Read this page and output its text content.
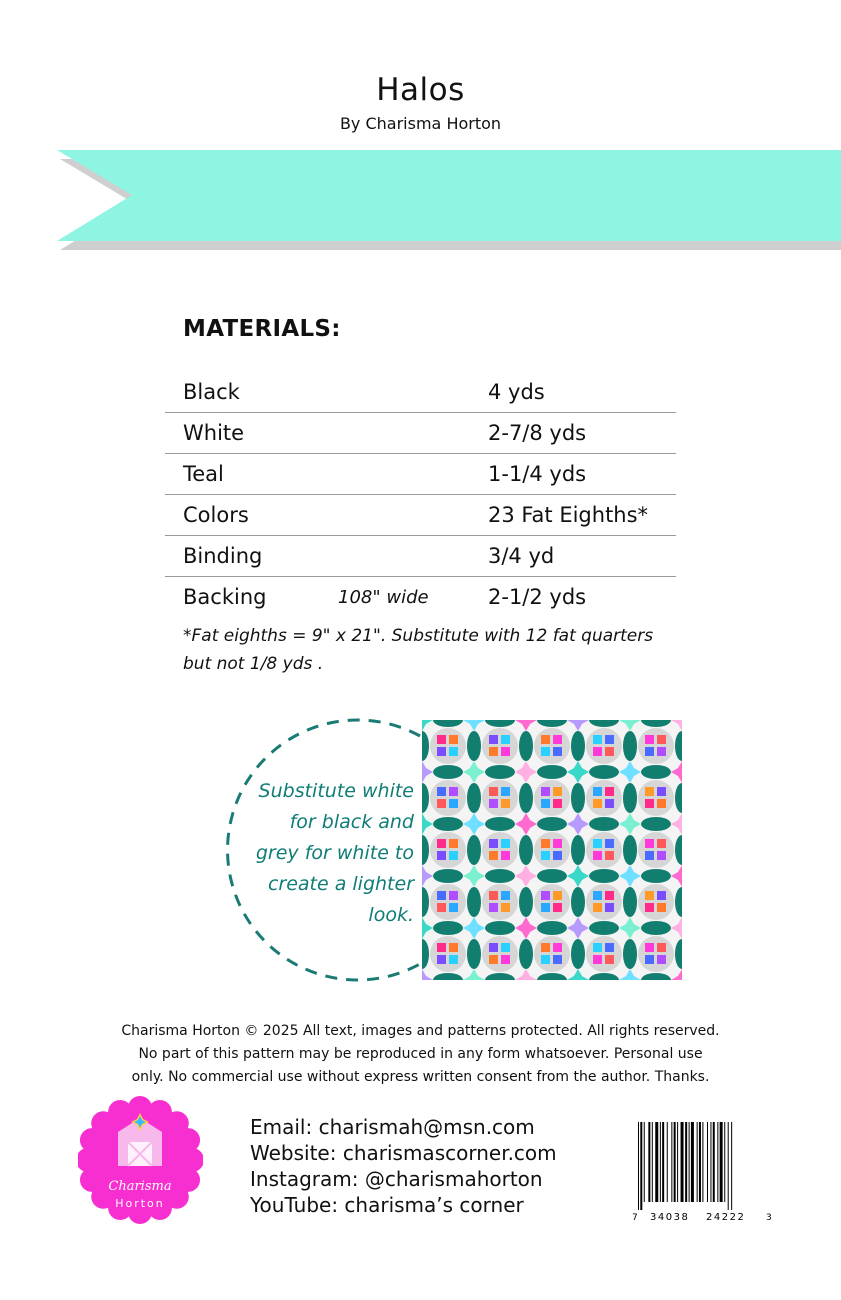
Halos
By Charisma Horton
MATERIALS:
Black		4 yds
White		2-7/8 yds
Teal		1-1/4 yds
Colors		23 Fat Eighths*
Binding		3/4 yd
Backing	108" wide	2-1/2 yds
*Fat eighths = 9" x 21". Substitute with 12 fat quarters
but not 1/8 yds .
Substitute white
for black and
grey for white to
create a lighter
look.
Charisma Horton © 2025 All text, images and patterns protected. All rights reserved.
No part of this pattern may be reproduced in any form whatsoever. Personal use
only. No commercial use without express written consent from the author. Thanks.
Charisma
Horton
Email: charismah@msn.com
Website: charismascorner.com
Instagram: @charismahorton
YouTube: charisma’s corner
7 34038 24222 3
